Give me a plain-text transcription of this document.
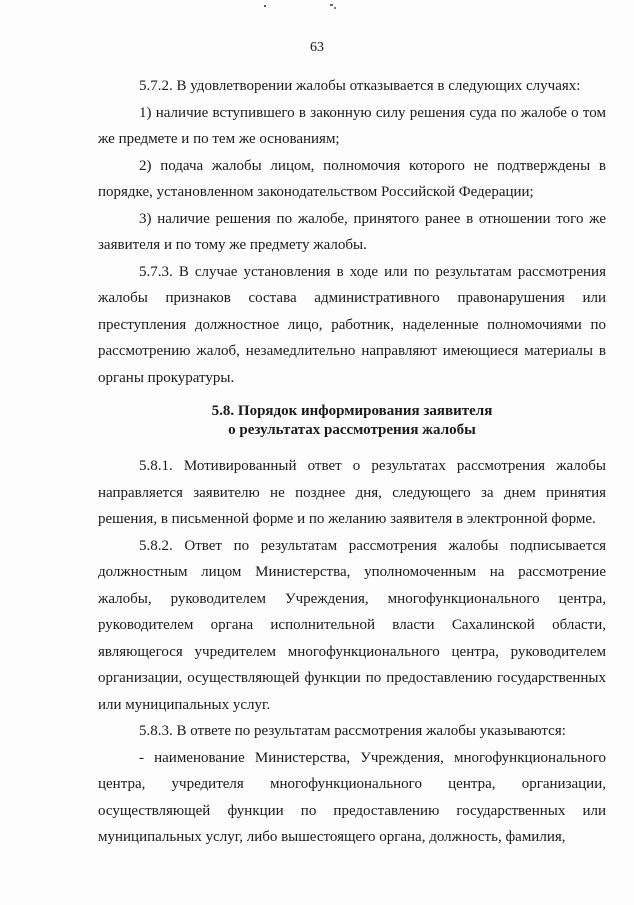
63

5.7.2. В удовлетворении жалобы отказывается в следующих случаях:

1) наличие вступившего в законную силу решения суда по жалобе о том же предмете и по тем же основаниям;

2) подача жалобы лицом, полномочия которого не подтверждены в порядке, установленном законодательством Российской Федерации;

3) наличие решения по жалобе, принятого ранее в отношении того же заявителя и по тому же предмету жалобы.

5.7.3. В случае установления в ходе или по результатам рассмотрения жалобы признаков состава административного правонарушения или преступления должностное лицо, работник, наделенные полномочиями по рассмотрению жалоб, незамедлительно направляют имеющиеся материалы в органы прокуратуры.

5.8. Порядок информирования заявителя
о результатах рассмотрения жалобы

5.8.1. Мотивированный ответ о результатах рассмотрения жалобы направляется заявителю не позднее дня, следующего за днем принятия решения, в письменной форме и по желанию заявителя в электронной форме.

5.8.2. Ответ по результатам рассмотрения жалобы подписывается должностным лицом Министерства, уполномоченным на рассмотрение жалобы, руководителем Учреждения, многофункционального центра, руководителем органа исполнительной власти Сахалинской области, являющегося учредителем многофункционального центра, руководителем организации, осуществляющей функции по предоставлению государственных или муниципальных услуг.

5.8.3. В ответе по результатам рассмотрения жалобы указываются:

- наименование Министерства, Учреждения, многофункционального центра, учредителя многофункционального центра, организации, осуществляющей функции по предоставлению государственных или муниципальных услуг, либо вышестоящего органа, должность, фамилия,
